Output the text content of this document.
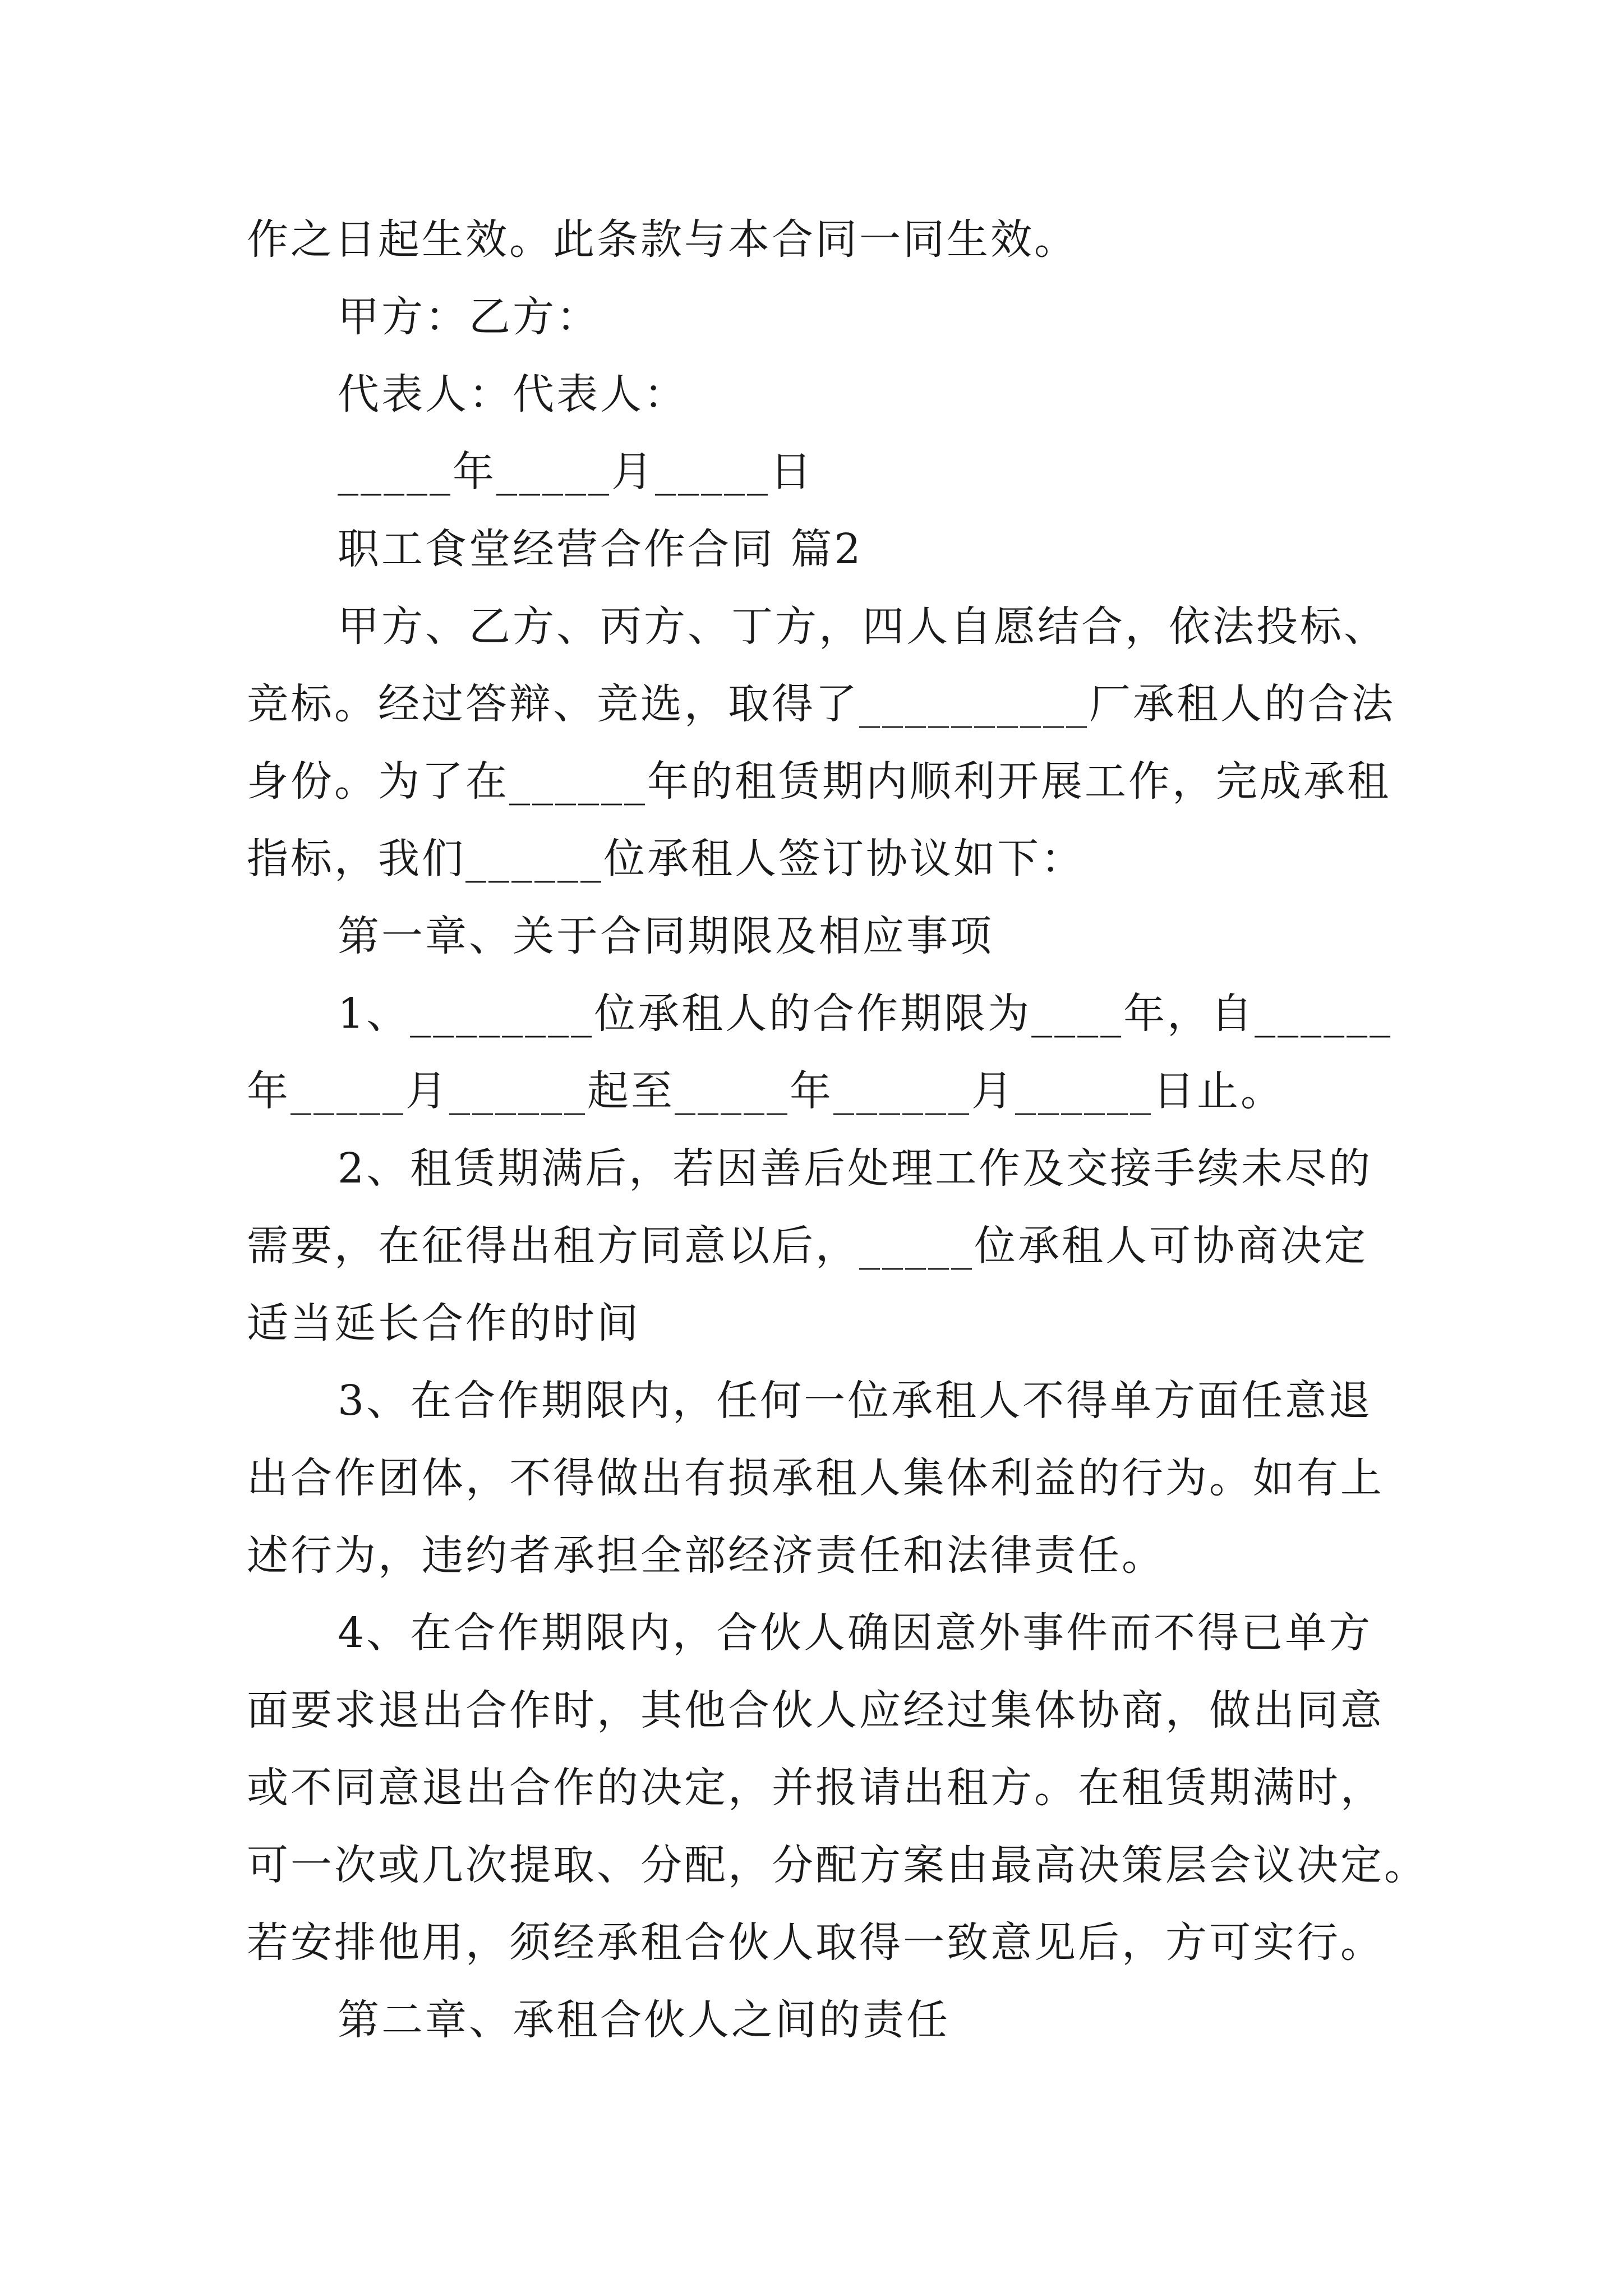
作之日起生效。此条款与本合同一同生效。
甲方：乙方：
代表人：代表人：
_____年_____月_____日
职工食堂经营合作合同 篇2
甲方、乙方、丙方、丁方，四人自愿结合，依法投标、
竞标。经过答辩、竞选，取得了__________厂承租人的合法
身份。为了在______年的租赁期内顺利开展工作，完成承租
指标，我们______位承租人签订协议如下：
第一章、关于合同期限及相应事项
1、________位承租人的合作期限为____年，自______
年_____月______起至_____年______月______日止。
2、租赁期满后，若因善后处理工作及交接手续未尽的
需要，在征得出租方同意以后，_____位承租人可协商决定
适当延长合作的时间
3、在合作期限内，任何一位承租人不得单方面任意退
出合作团体，不得做出有损承租人集体利益的行为。如有上
述行为，违约者承担全部经济责任和法律责任。
4、在合作期限内，合伙人确因意外事件而不得已单方
面要求退出合作时，其他合伙人应经过集体协商，做出同意
或不同意退出合作的决定，并报请出租方。在租赁期满时，
可一次或几次提取、分配，分配方案由最高决策层会议决定。
若安排他用，须经承租合伙人取得一致意见后，方可实行。
第二章、承租合伙人之间的责任
